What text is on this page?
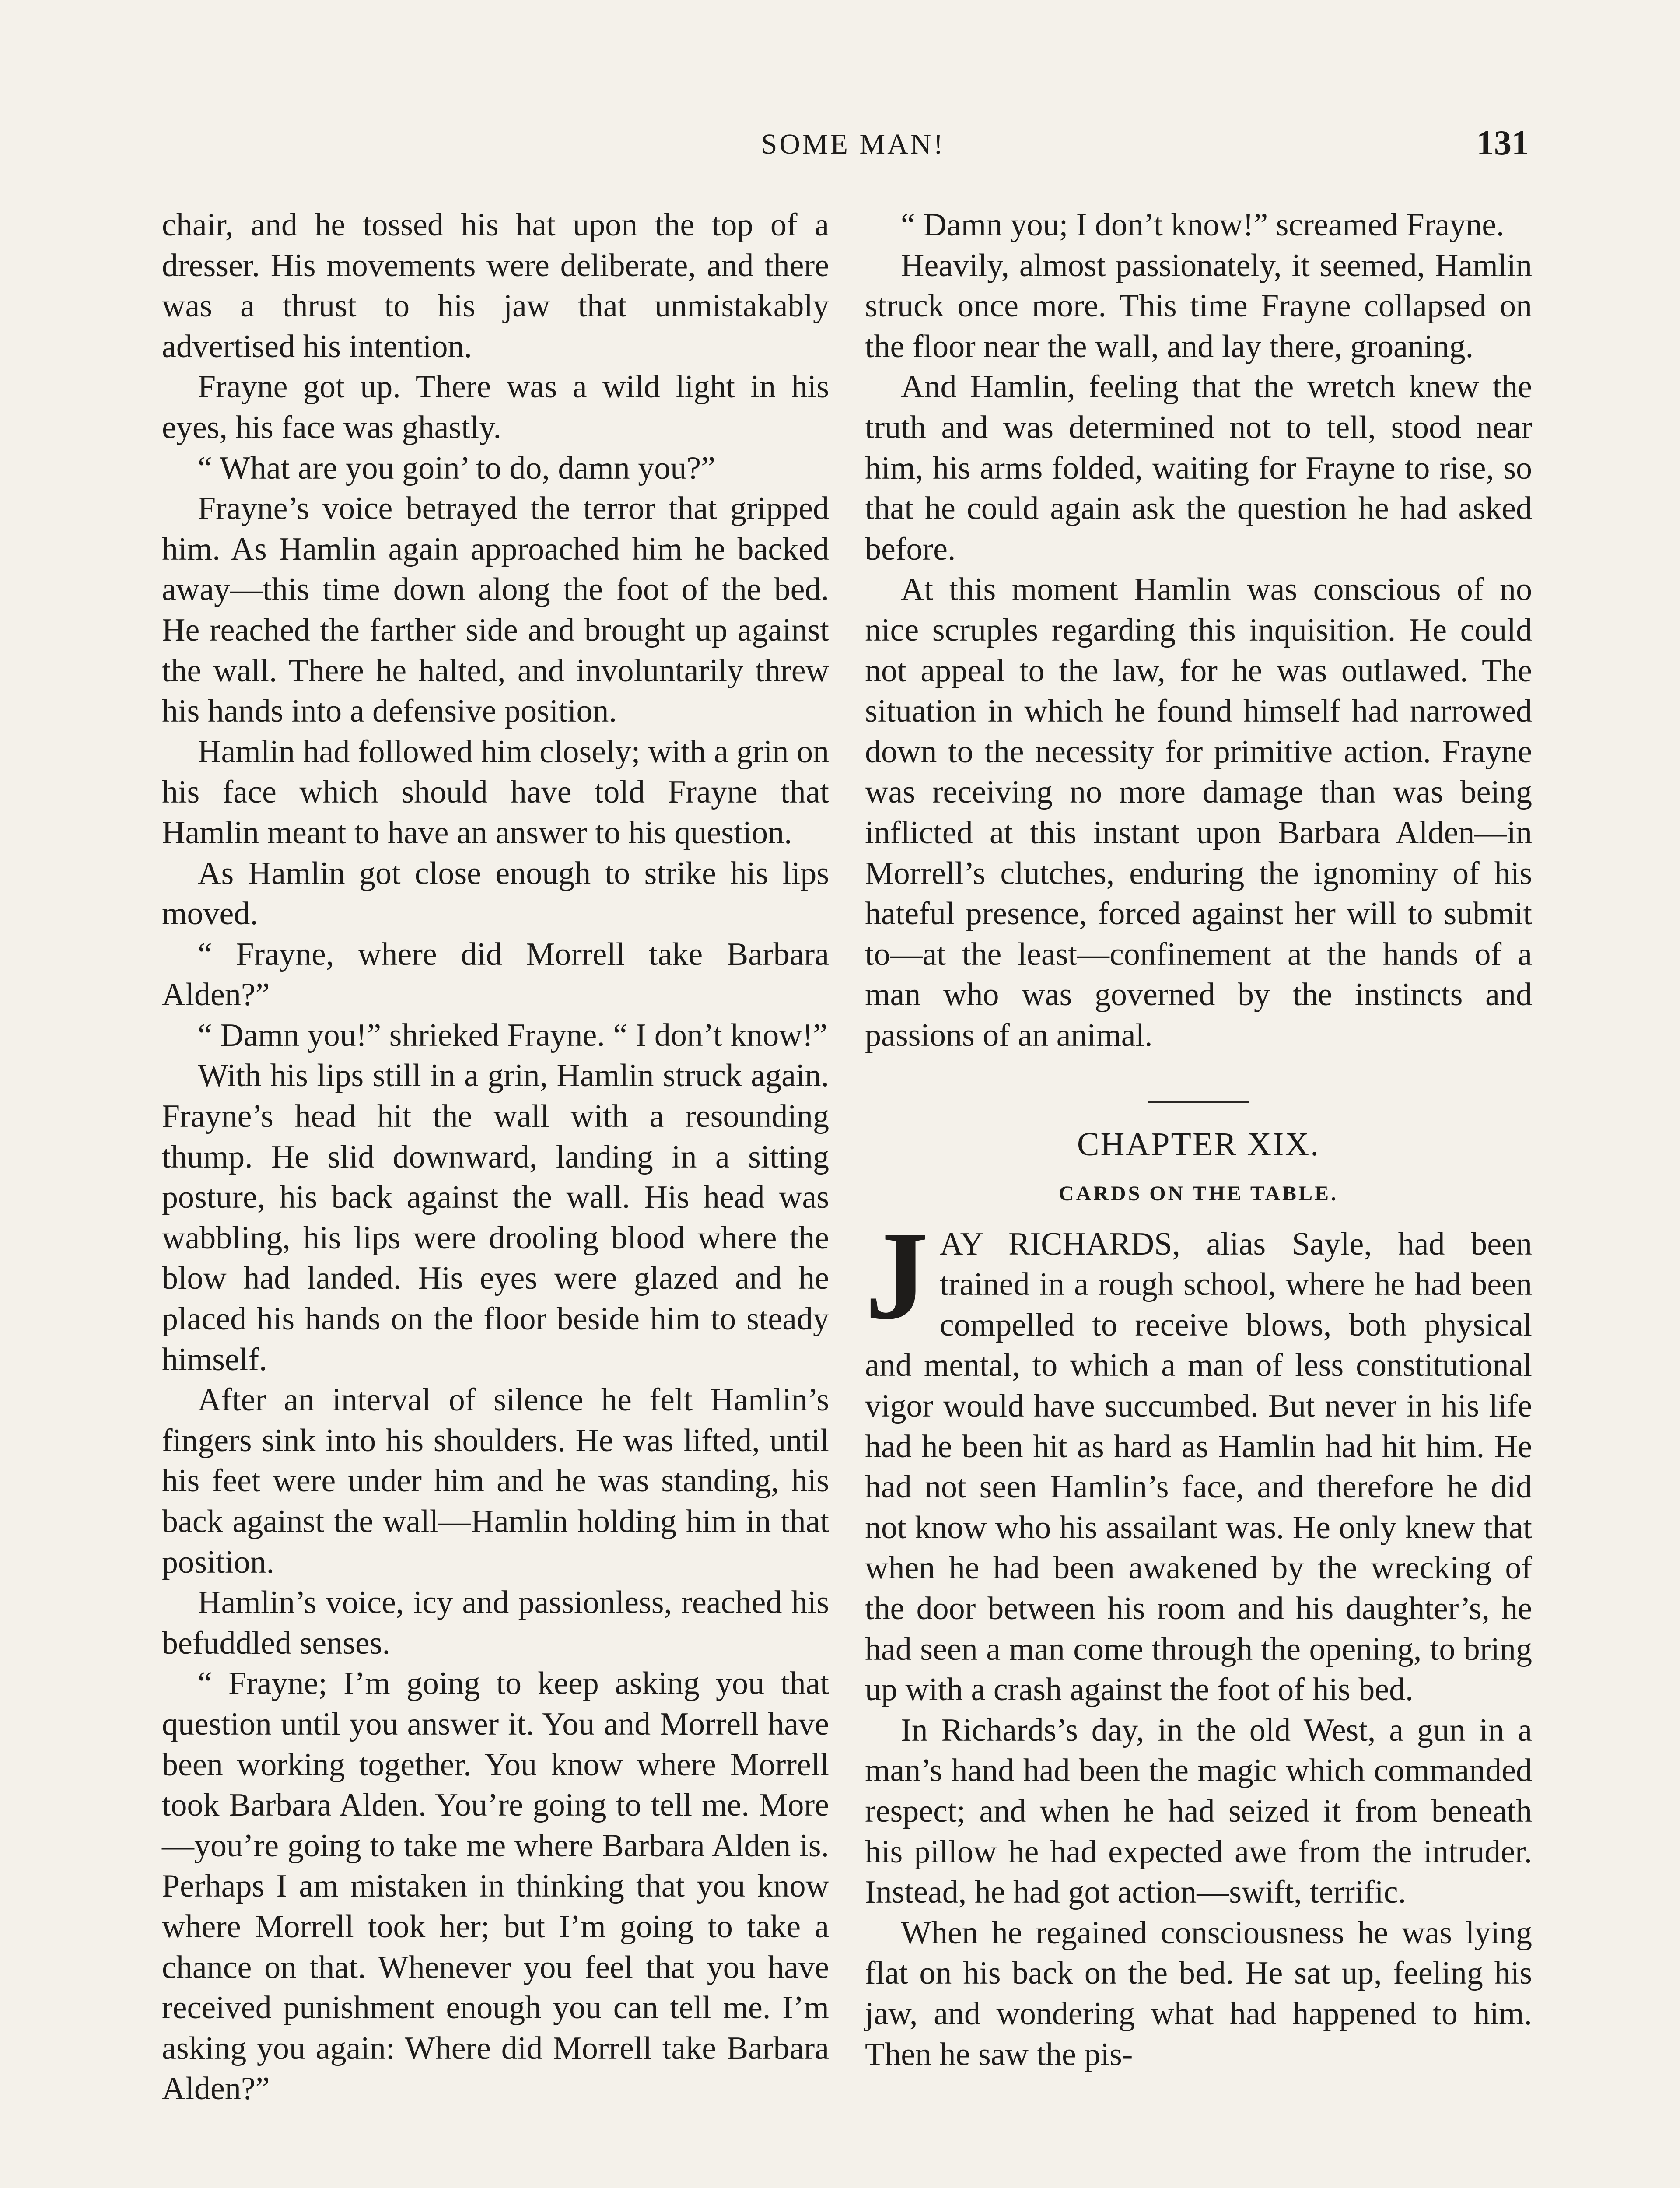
SOME MAN!	131

chair, and he tossed his hat upon the top of a dresser. His movements were deliberate, and there was a thrust to his jaw that unmistakably advertised his intention.

Frayne got up. There was a wild light in his eyes, his face was ghastly.

“ What are you goin’ to do, damn you?”

Frayne’s voice betrayed the terror that gripped him. As Hamlin again approached him he backed away—this time down along the foot of the bed. He reached the farther side and brought up against the wall. There he halted, and involuntarily threw his hands into a defensive position.

Hamlin had followed him closely; with a grin on his face which should have told Frayne that Hamlin meant to have an answer to his question.

As Hamlin got close enough to strike his lips moved.

“ Frayne, where did Morrell take Barbara Alden?”

“ Damn you!” shrieked Frayne. “ I don’t know!”

With his lips still in a grin, Hamlin struck again. Frayne’s head hit the wall with a resounding thump. He slid downward, landing in a sitting posture, his back against the wall. His head was wabbling, his lips were drooling blood where the blow had landed. His eyes were glazed and he placed his hands on the floor beside him to steady himself.

After an interval of silence he felt Hamlin’s fingers sink into his shoulders. He was lifted, until his feet were under him and he was standing, his back against the wall—Hamlin holding him in that position.

Hamlin’s voice, icy and passionless, reached his befuddled senses.

“ Frayne; I’m going to keep asking you that question until you answer it. You and Morrell have been working together. You know where Morrell took Barbara Alden. You’re going to tell me. More—you’re going to take me where Barbara Alden is. Perhaps I am mistaken in thinking that you know where Morrell took her; but I’m going to take a chance on that. Whenever you feel that you have received punishment enough you can tell me. I’m asking you again: Where did Morrell take Barbara Alden?”

“ Damn you; I don’t know!” screamed Frayne.

Heavily, almost passionately, it seemed, Hamlin struck once more. This time Frayne collapsed on the floor near the wall, and lay there, groaning.

And Hamlin, feeling that the wretch knew the truth and was determined not to tell, stood near him, his arms folded, waiting for Frayne to rise, so that he could again ask the question he had asked before.

At this moment Hamlin was conscious of no nice scruples regarding this inquisition. He could not appeal to the law, for he was outlawed. The situation in which he found himself had narrowed down to the necessity for primitive action. Frayne was receiving no more damage than was being inflicted at this instant upon Barbara Alden—in Morrell’s clutches, enduring the ignominy of his hateful presence, forced against her will to submit to—at the least—confinement at the hands of a man who was governed by the instincts and passions of an animal.

CHAPTER XIX.
CARDS ON THE TABLE.

JAY RICHARDS, alias Sayle, had been trained in a rough school, where he had been compelled to receive blows, both physical and mental, to which a man of less constitutional vigor would have succumbed. But never in his life had he been hit as hard as Hamlin had hit him. He had not seen Hamlin’s face, and therefore he did not know who his assailant was. He only knew that when he had been awakened by the wrecking of the door between his room and his daughter’s, he had seen a man come through the opening, to bring up with a crash against the foot of his bed.

In Richards’s day, in the old West, a gun in a man’s hand had been the magic which commanded respect; and when he had seized it from beneath his pillow he had expected awe from the intruder. Instead, he had got action—swift, terrific.

When he regained consciousness he was lying flat on his back on the bed. He sat up, feeling his jaw, and wondering what had happened to him. Then he saw the pis-
